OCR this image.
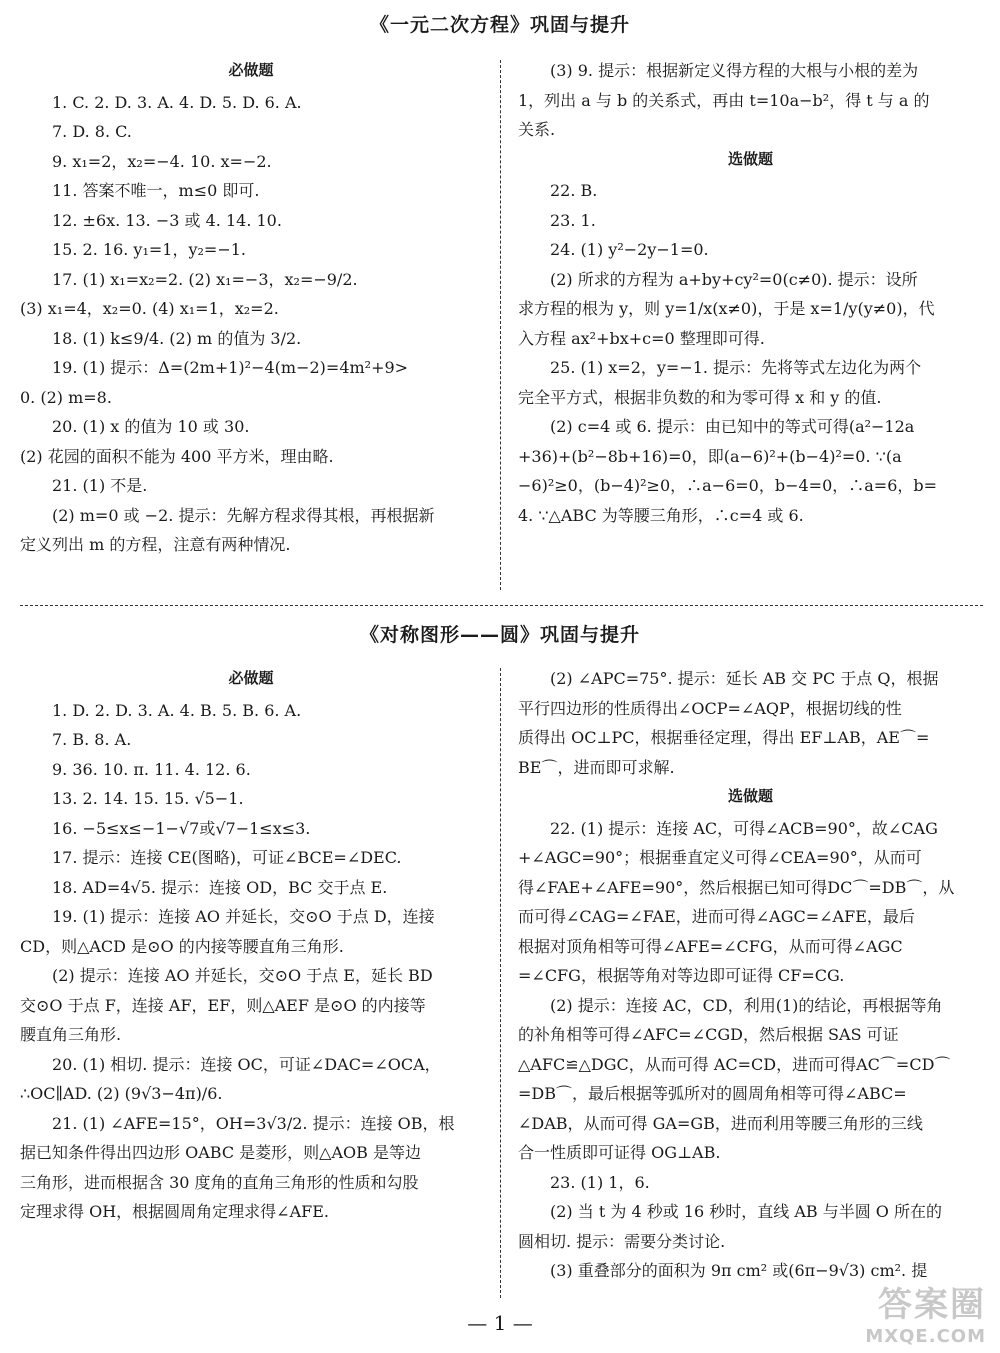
《一元二次方程》巩固与提升
必做题
1. C. 2. D. 3. A. 4. D. 5. D. 6. A.
7. D. 8. C.
9. x₁=2，x₂=−4. 10. x=−2.
11. 答案不唯一，m≤0 即可.
12. ±6x. 13. −3 或 4. 14. 10.
15. 2. 16. y₁=1，y₂=−1.
17. (1) x₁=x₂=2. (2) x₁=−3，x₂=−9/2.
(3) x₁=4，x₂=0. (4) x₁=1，x₂=2.
18. (1) k≤9/4. (2) m 的值为 3/2.
19. (1) 提示：Δ=(2m+1)²−4(m−2)=4m²+9>
0. (2) m=8.
20. (1) x 的值为 10 或 30.
(2) 花园的面积不能为 400 平方米，理由略.
21. (1) 不是.
(2) m=0 或 −2. 提示：先解方程求得其根，再根据新
定义列出 m 的方程，注意有两种情况.
(3) 9. 提示：根据新定义得方程的大根与小根的差为
1，列出 a 与 b 的关系式，再由 t=10a−b²，得 t 与 a 的
关系.
选做题
22. B.
23. 1.
24. (1) y²−2y−1=0.
(2) 所求的方程为 a+by+cy²=0(c≠0). 提示：设所
求方程的根为 y，则 y=1/x(x≠0)，于是 x=1/y(y≠0)，代
入方程 ax²+bx+c=0 整理即可得.
25. (1) x=2，y=−1. 提示：先将等式左边化为两个
完全平方式，根据非负数的和为零可得 x 和 y 的值.
(2) c=4 或 6. 提示：由已知中的等式可得(a²−12a
+36)+(b²−8b+16)=0，即(a−6)²+(b−4)²=0. ∵(a
−6)²≥0，(b−4)²≥0，∴a−6=0，b−4=0，∴a=6，b=
4. ∵△ABC 为等腰三角形，∴c=4 或 6.
《对称图形——圆》巩固与提升
必做题
1. D. 2. D. 3. A. 4. B. 5. B. 6. A.
7. B. 8. A.
9. 36. 10. π. 11. 4. 12. 6.
13. 2. 14. 15. 15. √5−1.
16. −5≤x≤−1−√7或√7−1≤x≤3.
17. 提示：连接 CE(图略)，可证∠BCE=∠DEC.
18. AD=4√5. 提示：连接 OD，BC 交于点 E.
19. (1) 提示：连接 AO 并延长，交⊙O 于点 D，连接
CD，则△ACD 是⊙O 的内接等腰直角三角形.
(2) 提示：连接 AO 并延长，交⊙O 于点 E，延长 BD
交⊙O 于点 F，连接 AF，EF，则△AEF 是⊙O 的内接等
腰直角三角形.
20. (1) 相切. 提示：连接 OC，可证∠DAC=∠OCA，
∴OC∥AD. (2) (9√3−4π)/6.
21. (1) ∠AFE=15°，OH=3√3/2. 提示：连接 OB，根
据已知条件得出四边形 OABC 是菱形，则△AOB 是等边
三角形，进而根据含 30 度角的直角三角形的性质和勾股
定理求得 OH，根据圆周角定理求得∠AFE.
(2) ∠APC=75°. 提示：延长 AB 交 PC 于点 Q，根据
平行四边形的性质得出∠OCP=∠AQP，根据切线的性
质得出 OC⊥PC，根据垂径定理，得出 EF⊥AB，AE⌒=
BE⌒，进而即可求解.
选做题
22. (1) 提示：连接 AC，可得∠ACB=90°，故∠CAG
+∠AGC=90°；根据垂直定义可得∠CEA=90°，从而可
得∠FAE+∠AFE=90°，然后根据已知可得DC⌒=DB⌒，从
而可得∠CAG=∠FAE，进而可得∠AGC=∠AFE，最后
根据对顶角相等可得∠AFE=∠CFG，从而可得∠AGC
=∠CFG，根据等角对等边即可证得 CF=CG.
(2) 提示：连接 AC，CD，利用(1)的结论，再根据等角
的补角相等可得∠AFC=∠CGD，然后根据 SAS 可证
△AFC≌△DGC，从而可得 AC=CD，进而可得AC⌒=CD⌒
=DB⌒，最后根据等弧所对的圆周角相等可得∠ABC=
∠DAB，从而可得 GA=GB，进而利用等腰三角形的三线
合一性质即可证得 OG⊥AB.
23. (1) 1，6.
(2) 当 t 为 4 秒或 16 秒时，直线 AB 与半圆 O 所在的
圆相切. 提示：需要分类讨论.
(3) 重叠部分的面积为 9π cm² 或(6π−9√3) cm². 提
— 1 —	答案圈
MXQE.COM
